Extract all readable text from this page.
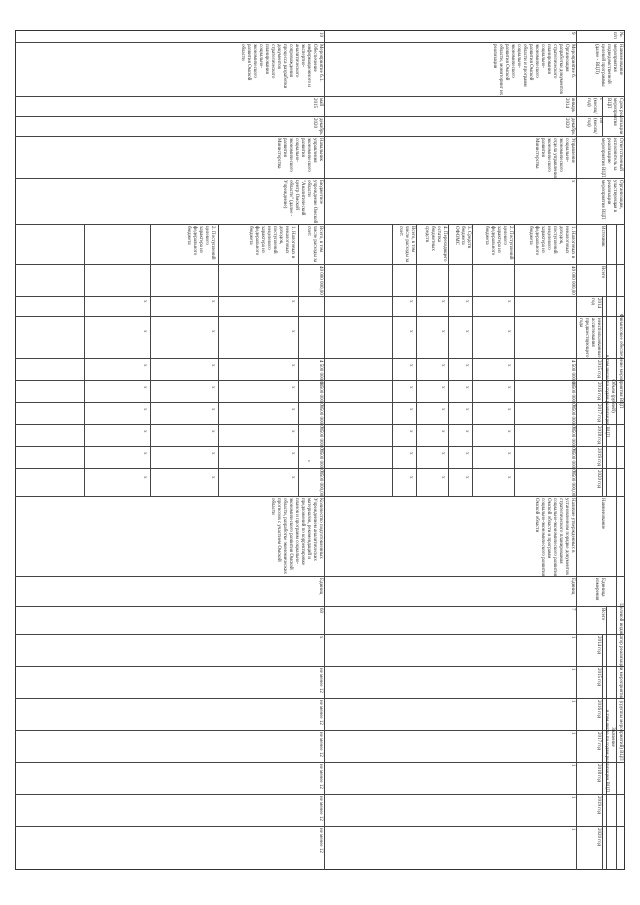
,
№ п/п
Наименование мероприятия подведомственной целевой программы (далее - ВЦП)
Срок реализации мероприятия ВЦП
с (месяц/год)
по (месяц/год)
Ответственный исполнитель за реализацию мероприятия ВЦП
Организация, участвующая в реализации мероприятия ВЦП
Финансовое обеспечение мероприятия ВЦП
Источник
Всего
Объем (рублей)
в том числе по годам реализации ВЦП
2014 год
неиспользованные ассигнования предшествующего года
2015 год
2016 год
2017 год
2018 год
2019 год
2020 год
Целевой индикатор реализации мероприятия (группы мероприятий) ВЦП
Наименование
Единица измерения
Значение
Всего
в том числе по годам реализации ВЦП
2014 год
2015 год
2016 год
2017 год
2018 год
2019 год
2020 год
9
Мероприятие 6. Организация разработки документов стратегического планирования социально-экономического развития Омской области и программ социально-экономического развития Омской области, мониторинг их реализации
январь 2014
декабрь 2020
Управление социально-экономического отдела управления экономического развития Министерства
x
1. Налоговых и неналоговых доходов, поступлений нецелевого характера из федерального бюджета
2. Поступлений целевого характера из федерального бюджета
3. Средств бюджета ОФОМС
4. Переходящего остатка бюджетных средств
Всего, в том числе расходы за счет:
40 000 000,00
4 500 000,00
6 500 000,00
7 500 000,00
7 500 000,00
7 500 000,00
7 500 000,00
Наличие утвержденных в установленном порядке документов стратегического планирования социально-экономического развития Омской области и программ социально-экономического развития Омской области
Единиц
7
1
1
1
1
1
1
1
10
Мероприятие 6.1. Обеспечение информационного и экспертно-аналитического сопровождения процесса разработки документов стратегического планирования социально-экономического развития Омской области
май 2015
декабрь 2020
Начальник управления экономического развития социально-экономического развития Министерства
Бюджетное учреждение Омской области "Аналитический центр Омской области" (далее - Учреждение)
Всего, в том числе расходы за счет:
1. Налоговых и неналоговых доходов, поступлений нецелевого характера из федерального бюджета
2. Поступлений целевого характера из федерального бюджета
40 000 000,00
4 500 000,00
6 500 000,00
7 500 000,00
7 500 000,00
7 500 000,00
7 500 000,00
Количество подготовленных Учреждением аналитических материалов, рекомендаций и предложений по корректировке планов и программ социально-экономического развития Омской области, разработке экономических прогнозов с участием Омской области
Единиц
60
x
не менее 12
не менее 12
не менее 12
не менее 12
не менее 12
не менее 12
x
x
x
x
x
x
x
x
x
x
x
x
x
x
x
x
x
x
x
x
x
x
x
x
x
x
x
x
x
x
x
x
x
x
x
x
x
x
x
x
x
x
x
x
x
x
x
x
x
x
x
x
x
x
x
x
